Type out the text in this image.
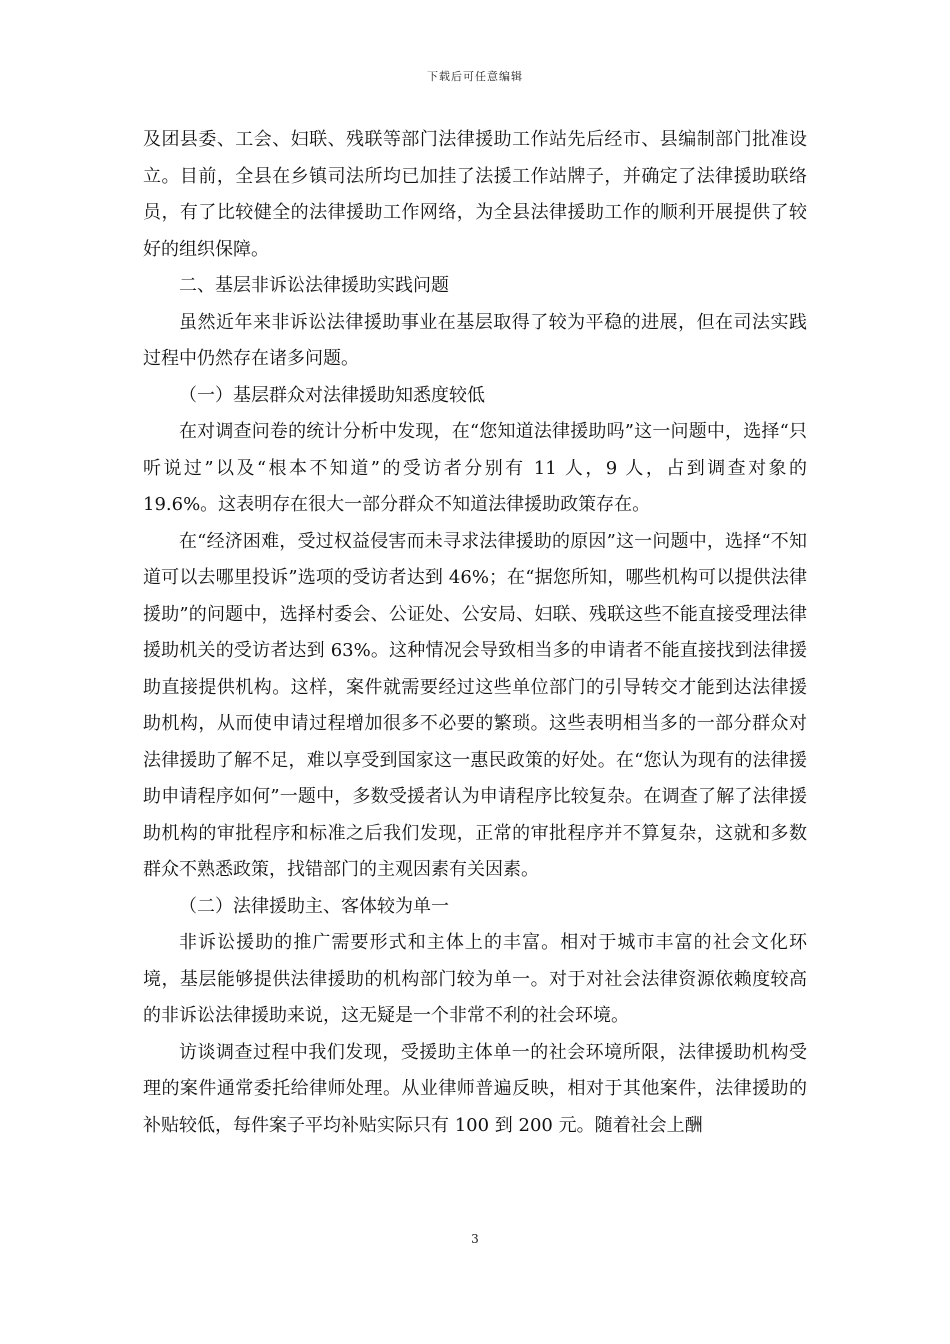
下载后可任意编辑

及团县委、工会、妇联、残联等部门法律援助工作站先后经市、县编制部门批准设立。目前，全县在乡镇司法所均已加挂了法援工作站牌子，并确定了法律援助联络员，有了比较健全的法律援助工作网络，为全县法律援助工作的顺利开展提供了较好的组织保障。

二、基层非诉讼法律援助实践问题

虽然近年来非诉讼法律援助事业在基层取得了较为平稳的进展，但在司法实践过程中仍然存在诸多问题。

（一）基层群众对法律援助知悉度较低

在对调查问卷的统计分析中发现，在“您知道法律援助吗”这一问题中，选择“只听说过”以及“根本不知道”的受访者分别有 11 人，9 人，占到调查对象的 19.6%。这表明存在很大一部分群众不知道法律援助政策存在。

在“经济困难，受过权益侵害而未寻求法律援助的原因”这一问题中，选择“不知道可以去哪里投诉”选项的受访者达到 46%；在“据您所知，哪些机构可以提供法律援助”的问题中，选择村委会、公证处、公安局、妇联、残联这些不能直接受理法律援助机关的受访者达到 63%。这种情况会导致相当多的申请者不能直接找到法律援助直接提供机构。这样，案件就需要经过这些单位部门的引导转交才能到达法律援助机构，从而使申请过程增加很多不必要的繁琐。这些表明相当多的一部分群众对法律援助了解不足，难以享受到国家这一惠民政策的好处。在“您认为现有的法律援助申请程序如何”一题中，多数受援者认为申请程序比较复杂。在调查了解了法律援助机构的审批程序和标准之后我们发现，正常的审批程序并不算复杂，这就和多数群众不熟悉政策，找错部门的主观因素有关因素。

（二）法律援助主、客体较为单一

非诉讼援助的推广需要形式和主体上的丰富。相对于城市丰富的社会文化环境，基层能够提供法律援助的机构部门较为单一。对于对社会法律资源依赖度较高的非诉讼法律援助来说，这无疑是一个非常不利的社会环境。

访谈调查过程中我们发现，受援助主体单一的社会环境所限，法律援助机构受理的案件通常委托给律师处理。从业律师普遍反映，相对于其他案件，法律援助的补贴较低，每件案子平均补贴实际只有 100 到 200 元。随着社会上酬

3
